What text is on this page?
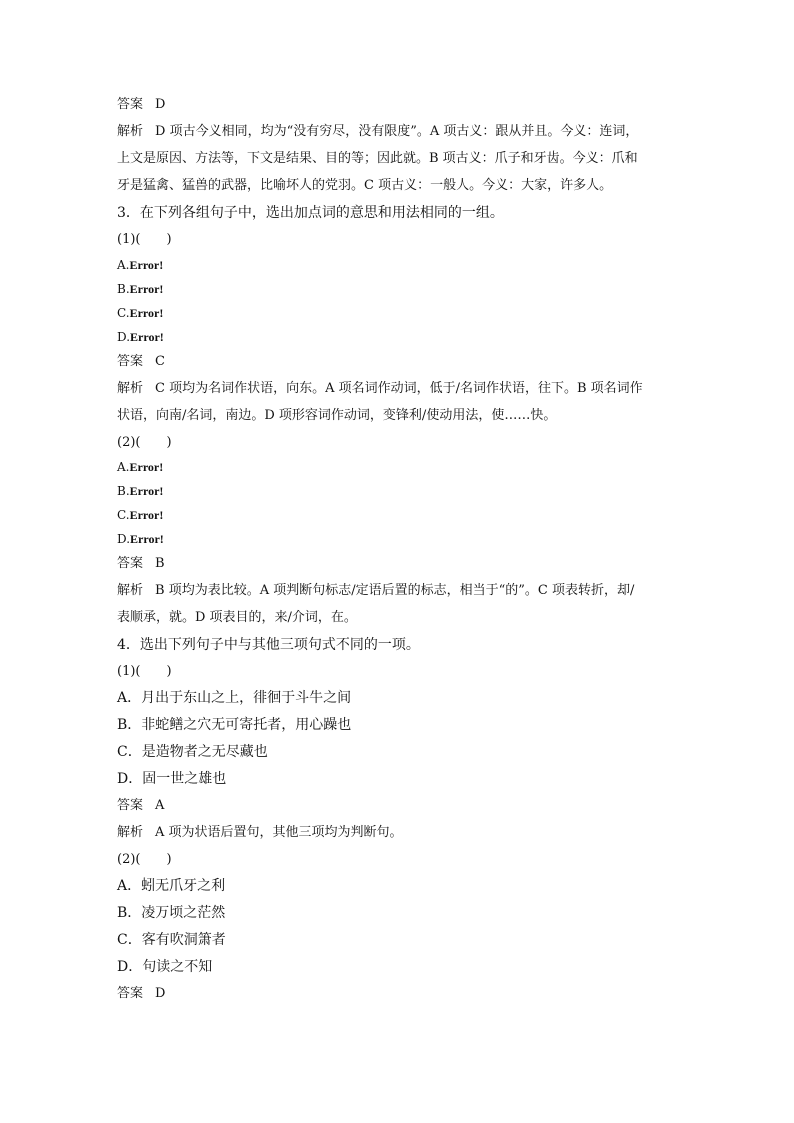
答案 D
解析 D 项古今义相同，均为“没有穷尽，没有限度”。A 项古义：跟从并且。今义：连词，
上文是原因、方法等，下文是结果、目的等；因此就。B 项古义：爪子和牙齿。今义：爪和
牙是猛禽、猛兽的武器，比喻坏人的党羽。C 项古义：一般人。今义：大家，许多人。
3．在下列各组句子中，选出加点词的意思和用法相同的一组。
(1)(　　)
A.Error!
B.Error!
C.Error!
D.Error!
答案 C
解析 C 项均为名词作状语，向东。A 项名词作动词，低于/名词作状语，往下。B 项名词作
状语，向南/名词，南边。D 项形容词作动词，变锋利/使动用法，使……快。
(2)(　　)
A.Error!
B.Error!
C.Error!
D.Error!
答案 B
解析 B 项均为表比较。A 项判断句标志/定语后置的标志，相当于“的”。C 项表转折，却/
表顺承，就。D 项表目的，来/介词，在。
4．选出下列句子中与其他三项句式不同的一项。
(1)(　　)
A．月出于东山之上，徘徊于斗牛之间
B．非蛇鳝之穴无可寄托者，用心躁也
C．是造物者之无尽藏也
D．固一世之雄也
答案 A
解析 A 项为状语后置句，其他三项均为判断句。
(2)(　　)
A．蚓无爪牙之利
B．凌万顷之茫然
C．客有吹洞箫者
D．句读之不知
答案 D
